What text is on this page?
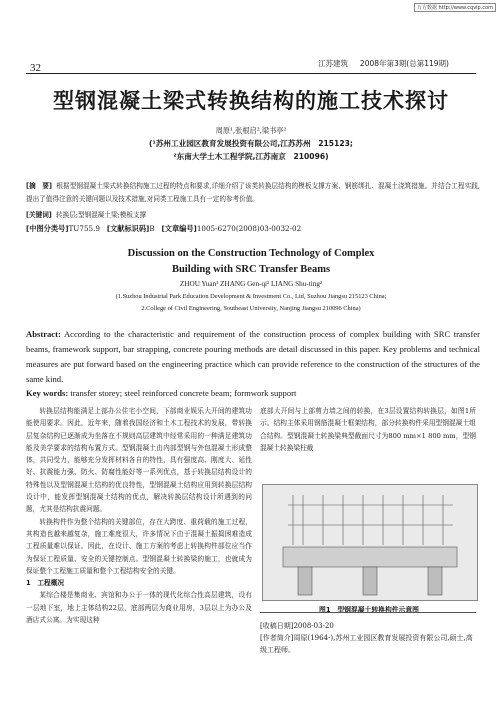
万方数据 http://www.cqvip.com
32	江苏建筑 2008年第3期(总第119期)
型钢混凝土梁式转换结构的施工技术探讨
周原¹,张根启²,梁书亭²
(¹苏州工业园区教育发展投资有限公司,江苏苏州　215123;
²东南大学土木工程学院,江苏南京　210096)
[摘　要] 根据型钢混凝土梁式转换结构施工过程的特点和要求,详细介绍了该类转换层结构的模板支撑方案、钢筋绑扎、混凝土浇筑措施。并结合工程实践,提出了值得注意的关键问题以及技术措施,对同类工程施工具有一定的参考价值。
[关键词] 转换层;型钢混凝土梁;模板支撑
[中图分类号]TU755.9 [文献标识码]B [文章编号]1005-6270(2008)03-0032-02
Discussion on the Construction Technology of Complex
Building with SRC Transfer Beams
ZHOU Yuan¹ ZHANG Gen-qi² LIANG Shu-ting²
(1.Suzhou Industrial Park Education Development & Investment Co., Ltd, Suzhou Jiangsu 215123 China;
2.College of Civil Engineering, Southeast University, Nanjing Jiangsu 210096 China)
Abstract: According to the characteristic and requirement of the construction process of complex building with SRC transfer beams, framework support, bar strapping, concrete pouring methods are detail discussed in this paper. Key problems and technical measures are put forward based on the engineering practice which can provide reference to the construction of the structures of the same kind.
Key words: transfer storey; steel reinforced concrete beam; formwork support
转换层结构能满足上部办公住宅小空间，下部商业娱乐大开间的建筑功能使用要求。因此，近年来，随着我国经济和土木工程技术的发展，带转换层复杂结构已逐渐成为坐落在不规则高层建筑中经常采用的一种满足建筑功能及美学要求的结构布置方式。型钢混凝土由内部型钢与外包混凝土形成整体，共同受力，能够充分发挥材料各自的特性，具有强度高、刚度大、延性好、抗震能力强、防火、防腐性能好等一系列优点，基于转换层结构设计的特殊性以及型钢混凝土结构的优良特性，型钢混凝土结构应用到转换层结构设计中，能发挥型钢混凝土结构的优点，解决转换层结构设计所遇到的问题，尤其是结构抗震问题。
转换构件作为整个结构的关键部位，存在大跨度、重荷载的施工过程，其构造也越来越复杂，施工难度很大，许多情况下由于混凝土振捣困难造成工程质量难以保证。因此，在设计、施工方案的考虑上转换构件部位应当作为保证工程质量、安全的关键控制点。型钢混凝土转换梁的施工，也就成为保证整个工程施工质量和整个工程结构安全的关键。
1　工程概况
某综合楼是集商业、宾馆和办公于一体的现代化综合性高层建筑，设有一层地下室，地上主体结构22层，底部两层为商业用房，3层以上为办公及酒店式公寓。为实现这种
底部大开间与上部剪力墙之间的转换，在3层设置结构转换层，如图1所示。结构主体采用钢筋混凝土框架结构，部分转换构件采用型钢混凝土组合结构。型钢混凝土转换梁典型截面尺寸为800 mm×1 800 mm，型钢混凝土转换梁柱截
图1　型钢混凝土转换构件示意图
[收稿日期]2008-03-20
[作者简介]周原(1964-),苏州工业园区教育发展投资有限公司,硕士,高级工程师。
